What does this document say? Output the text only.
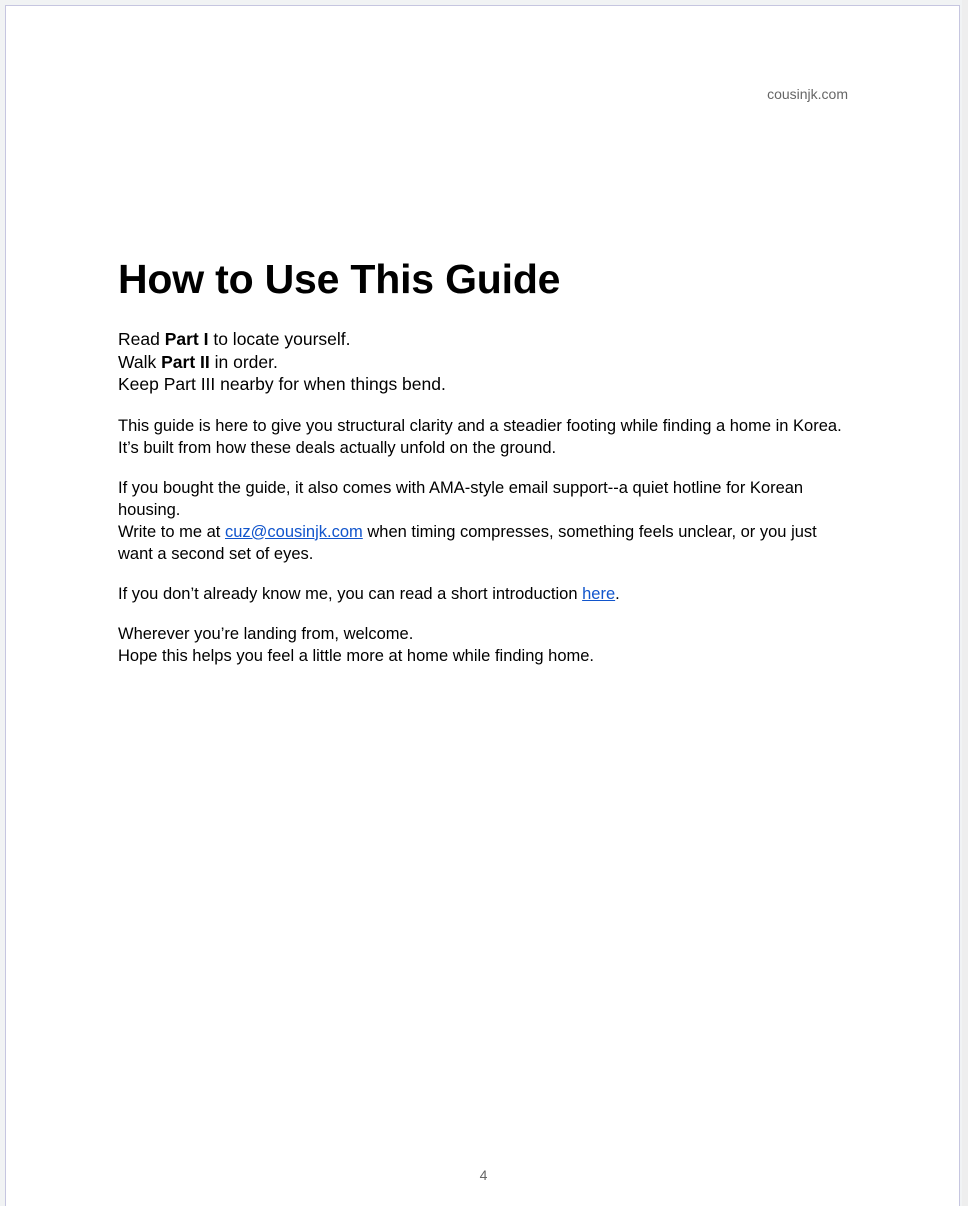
cousinjk.com
How to Use This Guide

Read Part I to locate yourself.
Walk Part II in order.
Keep Part III nearby for when things bend.

This guide is here to give you structural clarity and a steadier footing while finding a home in Korea.
It’s built from how these deals actually unfold on the ground.

If you bought the guide, it also comes with AMA-style email support--a quiet hotline for Korean housing.
Write to me at cuz@cousinjk.com when timing compresses, something feels unclear, or you just want a second set of eyes.

If you don’t already know me, you can read a short introduction here.

Wherever you’re landing from, welcome.
Hope this helps you feel a little more at home while finding home.

4
